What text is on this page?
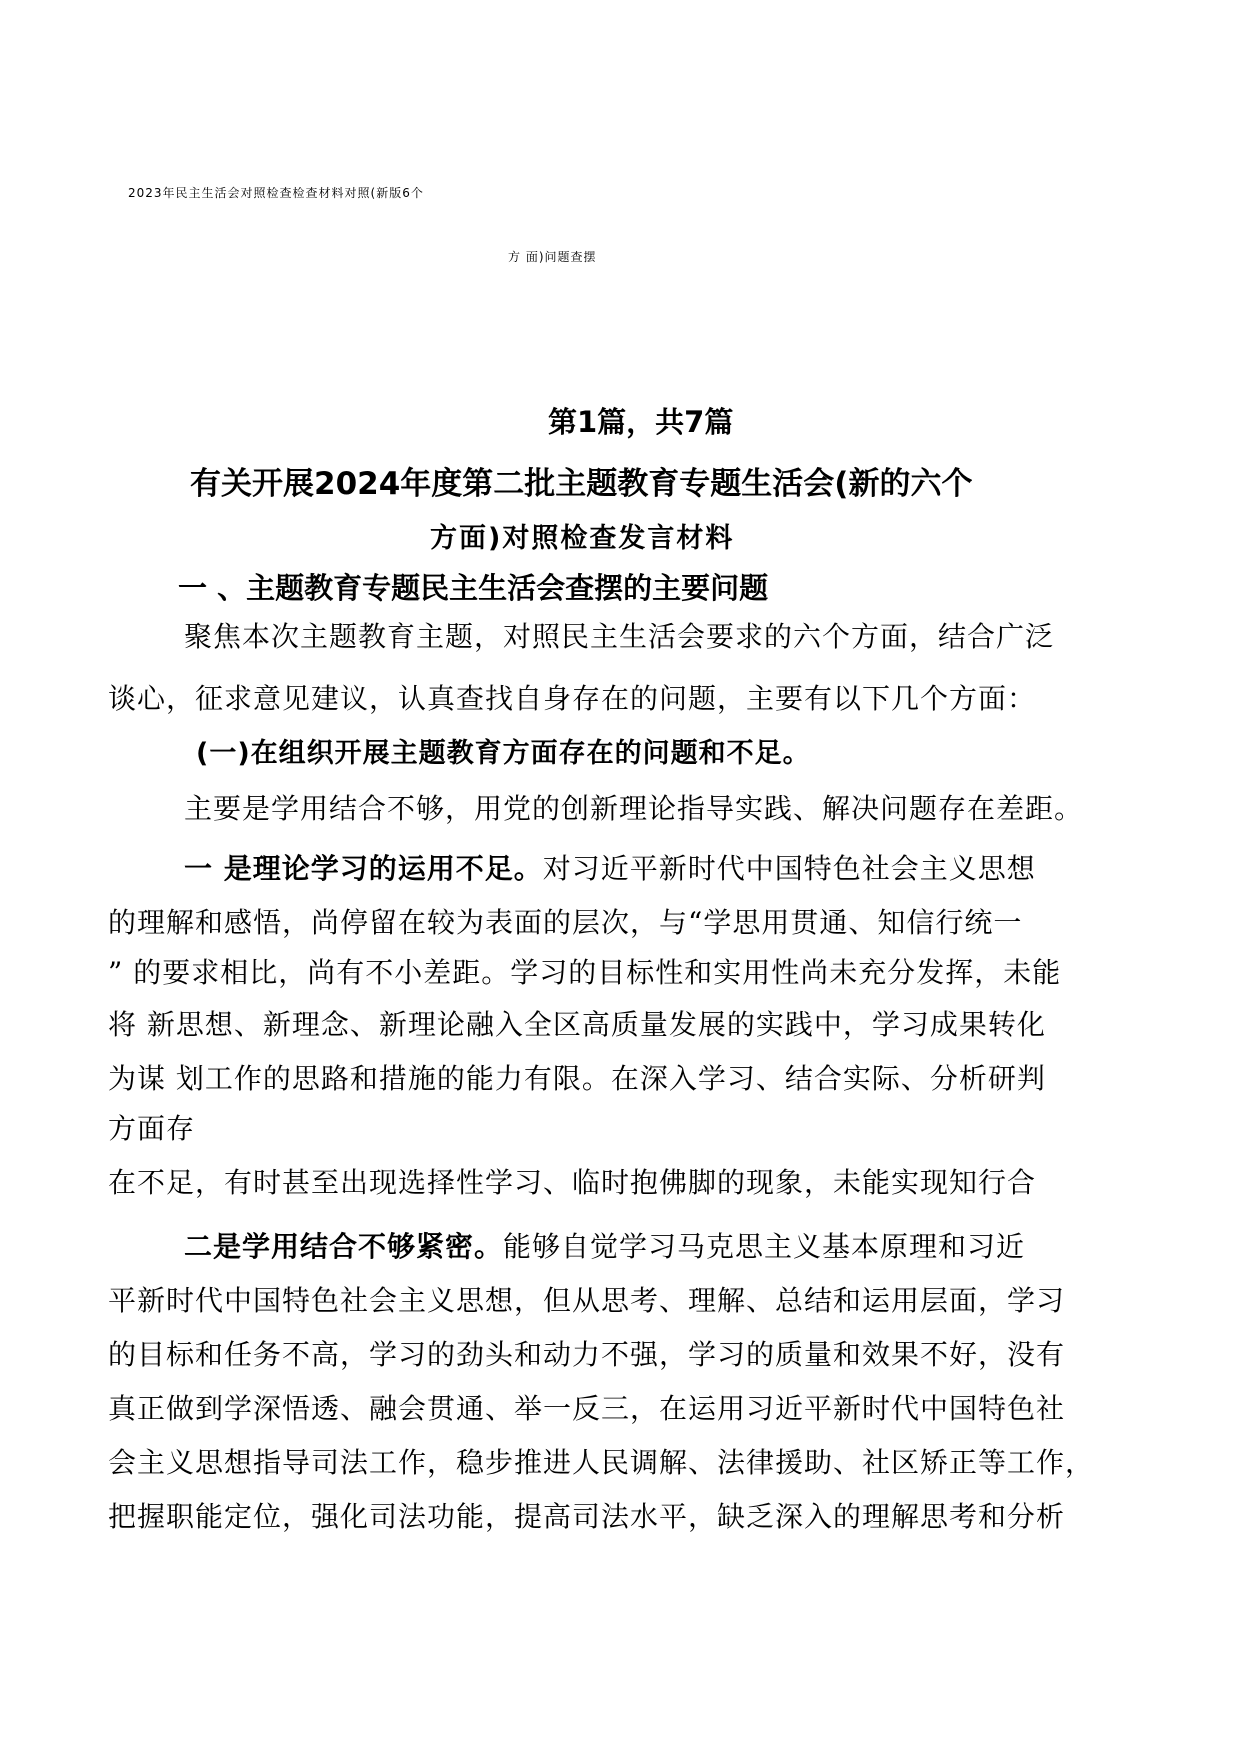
2023年民主生活会对照检查检查材料对照(新版6个
方 面)问题查摆
第1篇，共7篇
有关开展2024年度第二批主题教育专题生活会(新的六个
方面)对照检查发言材料
一 、主题教育专题民主生活会查摆的主要问题
聚焦本次主题教育主题，对照民主生活会要求的六个方面，结合广泛
谈心，征求意见建议，认真查找自身存在的问题，主要有以下几个方面：
(一)在组织开展主题教育方面存在的问题和不足。
主要是学用结合不够，用党的创新理论指导实践、解决问题存在差距。
一 是理论学习的运用不足。对习近平新时代中国特色社会主义思想
的理解和感悟，尚停留在较为表面的层次，与“学思用贯通、知信行统一
” 的要求相比，尚有不小差距。学习的目标性和实用性尚未充分发挥，未能
将 新思想、新理念、新理论融入全区高质量发展的实践中，学习成果转化
为谋 划工作的思路和措施的能力有限。在深入学习、结合实际、分析研判
方面存
在不足，有时甚至出现选择性学习、临时抱佛脚的现象，未能实现知行合
二是学用结合不够紧密。能够自觉学习马克思主义基本原理和习近
平新时代中国特色社会主义思想，但从思考、理解、总结和运用层面，学习
的目标和任务不高，学习的劲头和动力不强，学习的质量和效果不好，没有
真正做到学深悟透、融会贯通、举一反三，在运用习近平新时代中国特色社
会主义思想指导司法工作，稳步推进人民调解、法律援助、社区矫正等工作，
把握职能定位，强化司法功能，提高司法水平，缺乏深入的理解思考和分析
